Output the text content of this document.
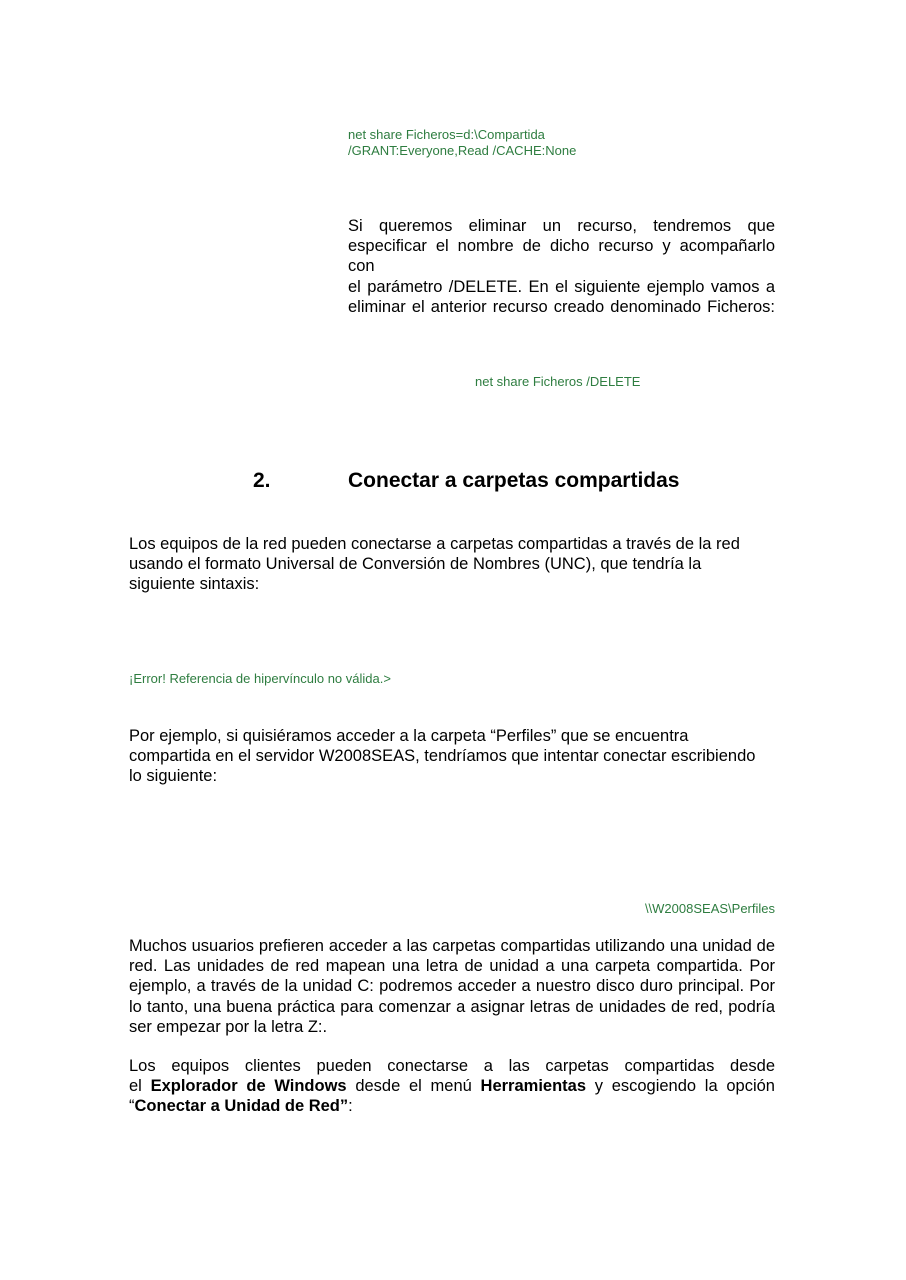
net share Ficheros=d:\Compartida
/GRANT:Everyone,Read /CACHE:None
Si queremos eliminar un recurso, tendremos que
especificar el nombre de dicho recurso y acompañarlo con
el parámetro /DELETE. En el siguiente ejemplo vamos a
eliminar el anterior recurso creado denominado Ficheros:
net share Ficheros /DELETE
2.	Conectar a carpetas compartidas
Los equipos de la red pueden conectarse a carpetas compartidas a través de la red
usando el formato Universal de Conversión de Nombres (UNC), que tendría la
siguiente sintaxis:
¡Error! Referencia de hipervínculo no válida.>
Por ejemplo, si quisiéramos acceder a la carpeta “Perfiles” que se encuentra
compartida en el servidor W2008SEAS, tendríamos que intentar conectar escribiendo
lo siguiente:
\\W2008SEAS\Perfiles
Muchos usuarios prefieren acceder a las carpetas compartidas utilizando una unidad de
red. Las unidades de red mapean una letra de unidad a una carpeta compartida. Por
ejemplo, a través de la unidad C: podremos acceder a nuestro disco duro principal. Por
lo tanto, una buena práctica para comenzar a asignar letras de unidades de red, podría
ser empezar por la letra Z:.
Los equipos clientes pueden conectarse a las carpetas compartidas desde
el Explorador de Windows desde el menú Herramientas y escogiendo la opción
“Conectar a Unidad de Red”:
